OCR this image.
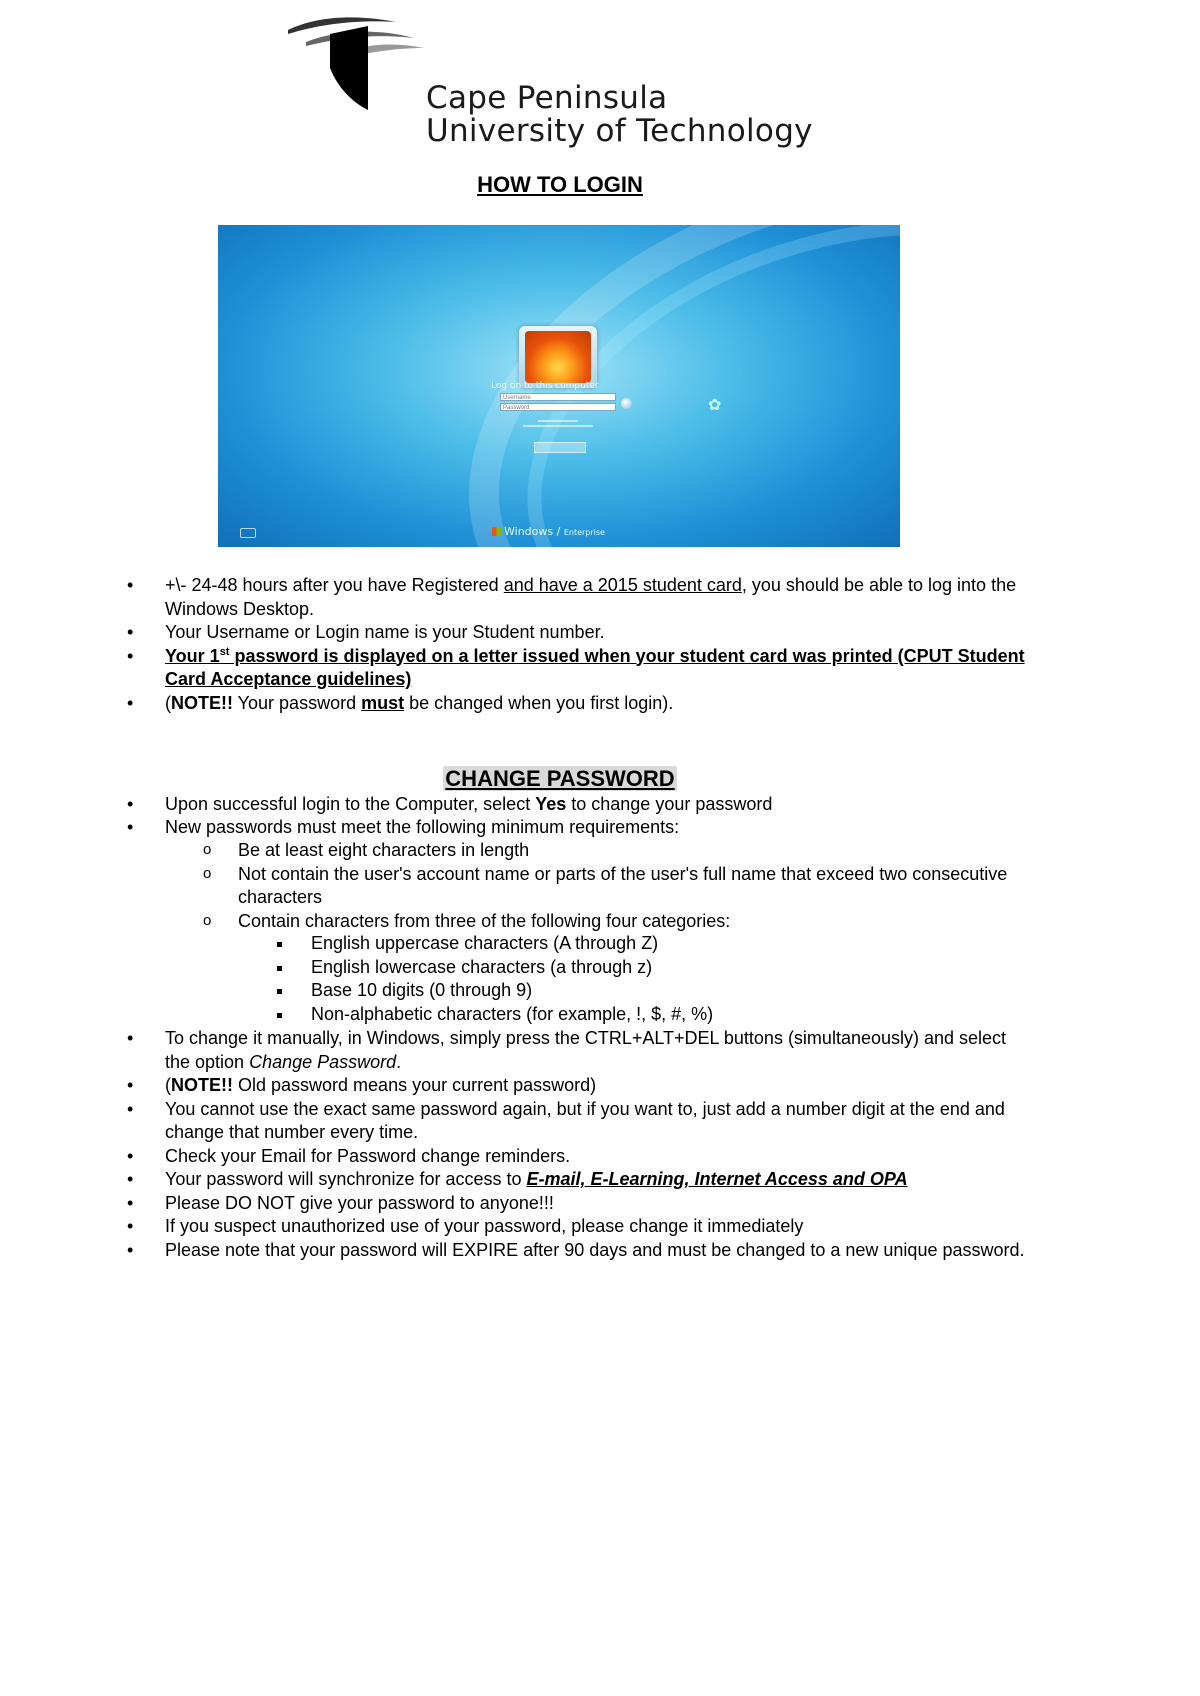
Cape Peninsula
University of Technology
HOW TO LOGIN
Log on to this computer
Username
Password	✿
Windows / Enterprise
• +\- 24-48 hours after you have Registered and have a 2015 student card, you should be able to log into the Windows Desktop.
• Your Username or Login name is your Student number.
• Your 1st password is displayed on a letter issued when your student card was printed (CPUT Student Card Acceptance guidelines)
• (NOTE!! Your password must be changed when you first login).
CHANGE PASSWORD
• Upon successful login to the Computer, select Yes to change your password
• New passwords must meet the following minimum requirements:
o Be at least eight characters in length
o Not contain the user's account name or parts of the user's full name that exceed two consecutive characters
o Contain characters from three of the following four categories:
English uppercase characters (A through Z)
English lowercase characters (a through z)
Base 10 digits (0 through 9)
Non-alphabetic characters (for example, !, $, #, %)
• To change it manually, in Windows, simply press the CTRL+ALT+DEL buttons (simultaneously) and select the option Change Password.
• (NOTE!! Old password means your current password)
• You cannot use the exact same password again, but if you want to, just add a number digit at the end and change that number every time.
• Check your Email for Password change reminders.
• Your password will synchronize for access to E-mail, E-Learning, Internet Access and OPA
• Please DO NOT give your password to anyone!!!
• If you suspect unauthorized use of your password, please change it immediately
• Please note that your password will EXPIRE after 90 days and must be changed to a new unique password.
